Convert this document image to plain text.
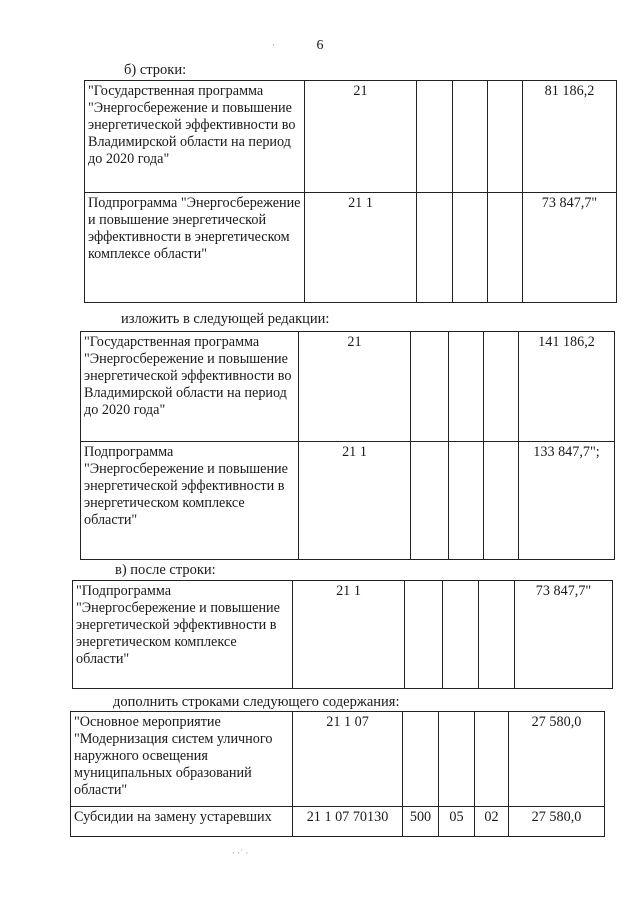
6
б) строки:
"Государственная программа "Энергосбережение и повышение энергетической эффективности во Владимирской области на период до 2020 года"	21				81 186,2
Подпрограмма "Энергосбережение и повышение энергетической эффективности в энергетическом комплексе области"	21 1				73 847,7"
изложить в следующей редакции:
"Государственная программа "Энергосбережение и повышение энергетической эффективности во Владимирской области на период до 2020 года"	21				141 186,2
Подпрограмма "Энергосбережение и повышение энергетической эффективности в энергетическом комплексе области"	21 1				133 847,7";
в) после строки:
"Подпрограмма "Энергосбережение и повышение энергетической эффективности в энергетическом комплексе области"	21 1				73 847,7"
дополнить строками следующего содержания:
"Основное мероприятие "Модернизация систем уличного наружного освещения муниципальных образований области"	21 1 07				27 580,0
Субсидии на замену устаревших	21 1 07 70130	500	05	02	27 580,0
·
· ·˙ ·
